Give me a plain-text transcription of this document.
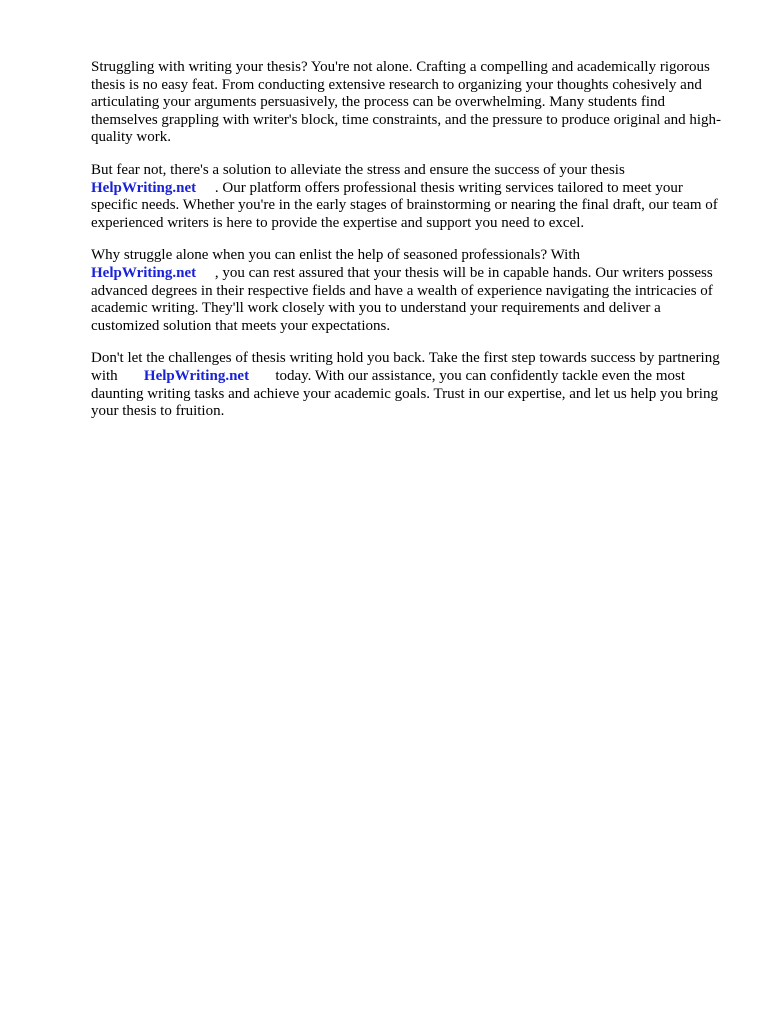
Struggling with writing your thesis? You're not alone. Crafting a compelling and academically rigorous thesis is no easy feat. From conducting extensive research to organizing your thoughts cohesively and articulating your arguments persuasively, the process can be overwhelming. Many students find themselves grappling with writer's block, time constraints, and the pressure to produce original and high-quality work.

But fear not, there's a solution to alleviate the stress and ensure the success of your thesis
HelpWriting.net . Our platform offers professional thesis writing services tailored to meet your specific needs. Whether you're in the early stages of brainstorming or nearing the final draft, our team of experienced writers is here to provide the expertise and support you need to excel.

Why struggle alone when you can enlist the help of seasoned professionals? With
HelpWriting.net , you can rest assured that your thesis will be in capable hands. Our writers possess advanced degrees in their respective fields and have a wealth of experience navigating the intricacies of academic writing. They'll work closely with you to understand your requirements and deliver a customized solution that meets your expectations.

Don't let the challenges of thesis writing hold you back. Take the first step towards success by partnering with HelpWriting.net today. With our assistance, you can confidently tackle even the most daunting writing tasks and achieve your academic goals. Trust in our expertise, and let us help you bring your thesis to fruition.
